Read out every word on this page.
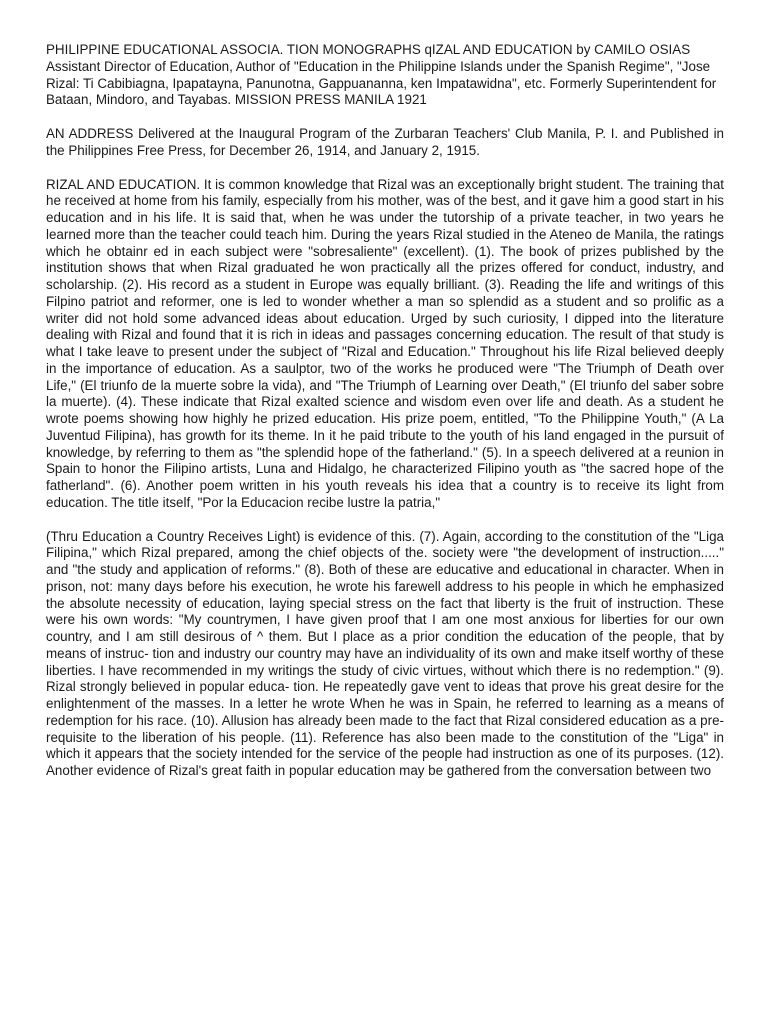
PHILIPPINE EDUCATIONAL ASSOCIA. TION MONOGRAPHS qIZAL AND EDUCATION by CAMILO OSIAS Assistant Director of Education, Author of "Education in the Philippine Islands under the Spanish Regime", "Jose Rizal: Ti Cabibiagna, Ipapatayna, Panunotna, Gappuananna, ken Impatawidna", etc. Formerly Superintendent for Bataan, Mindoro, and Tayabas. MISSION PRESS MANILA 1921

AN ADDRESS Delivered at the Inaugural Program of the Zurbaran Teachers' Club Manila, P. I. and Published in the Philippines Free Press, for December 26, 1914, and January 2, 1915.

RIZAL AND EDUCATION. It is common knowledge that Rizal was an exceptionally bright student. The training that he received at home from his family, especially from his mother, was of the best, and it gave him a good start in his education and in his life. It is said that, when he was under the tutorship of a private teacher, in two years he learned more than the teacher could teach him. During the years Rizal studied in the Ateneo de Manila, the ratings which he obtainr ed in each subject were "sobresaliente" (excellent). (1). The book of prizes published by the institution shows that when Rizal graduated he won practically all the prizes offered for conduct, industry, and scholarship. (2). His record as a student in Europe was equally brilliant. (3). Reading the life and writings of this Filpino patriot and reformer, one is led to wonder whether a man so splendid as a student and so prolific as a writer did not hold some advanced ideas about education. Urged by such curiosity, I dipped into the literature dealing with Rizal and found that it is rich in ideas and passages concerning education. The result of that study is what I take leave to present under the subject of "Rizal and Education." Throughout his life Rizal believed deeply in the importance of education. As a saulptor, two of the works he produced were "The Triumph of Death over Life," (El triunfo de la muerte sobre la vida), and "The Triumph of Learning over Death," (El triunfo del saber sobre la muerte). (4). These indicate that Rizal exalted science and wisdom even over life and death. As a student he wrote poems showing how highly he prized education. His prize poem, entitled, "To the Philippine Youth," (A La Juventud Filipina), has growth for its theme. In it he paid tribute to the youth of his land engaged in the pursuit of knowledge, by referring to them as "the splendid hope of the fatherland." (5). In a speech delivered at a reunion in Spain to honor the Filipino artists, Luna and Hidalgo, he characterized Filipino youth as "the sacred hope of the fatherland". (6). Another poem written in his youth reveals his idea that a country is to receive its light from education. The title itself, "Por la Educacion recibe lustre la patria,"

(Thru Education a Country Receives Light) is evidence of this. (7). Again, according to the constitution of the "Liga Filipina," which Rizal prepared, among the chief objects of the. society were "the development of instruction....." and "the study and application of reforms." (8). Both of these are educative and educational in character. When in prison, not: many days before his execution, he wrote his farewell address to his people in which he emphasized the absolute necessity of education, laying special stress on the fact that liberty is the fruit of instruction. These were his own words: "My countrymen, I have given proof that I am one most anxious for liberties for our own country, and I am still desirous of ^ them. But I place as a prior condition the education of the people, that by means of instruc- tion and industry our country may have an individuality of its own and make itself worthy of these liberties. I have recommended in my writings the study of civic virtues, without which there is no redemption." (9). Rizal strongly believed in popular educa- tion. He repeatedly gave vent to ideas that prove his great desire for the enlightenment of the masses. In a letter he wrote When he was in Spain, he referred to learning as a means of redemption for his race. (10). Allusion has already been made to the fact that Rizal considered education as a pre-requisite to the liberation of his people. (11). Reference has also been made to the constitution of the "Liga" in which it appears that the society intended for the service of the people had instruction as one of its purposes. (12). Another evidence of Rizal's great faith in popular education may be gathered from the conversation between two
